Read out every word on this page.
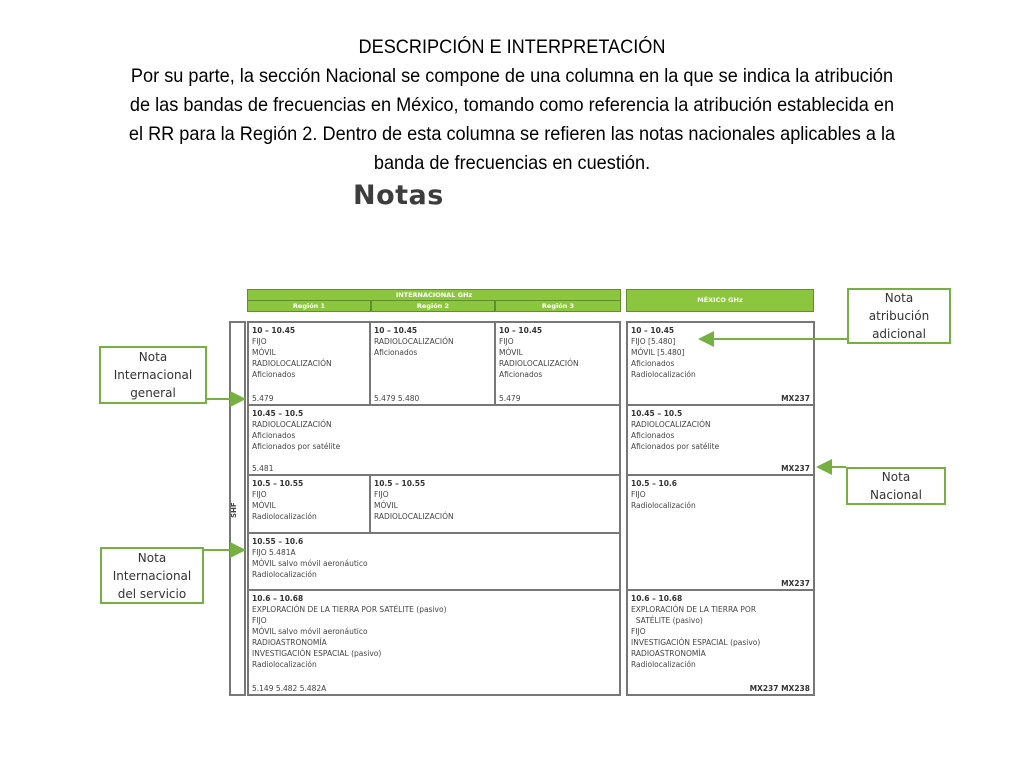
DESCRIPCIÓN E INTERPRETACIÓN
Por su parte, la sección Nacional se compone de una columna en la que se indica la atribución
de las bandas de frecuencias en México, tomando como referencia la atribución establecida en
el RR para la Región 2. Dentro de esta columna se refieren las notas nacionales aplicables a la
banda de frecuencias en cuestión.
Notas
INTERNACIONAL GHz
Región 1	Región 2	Región 3
MÉXICO GHz
SHF
10 – 10.45
FIJO
MÓVIL
RADIOLOCALIZACIÓN
Aficionados
5.479
10 – 10.45
RADIOLOCALIZACIÓN
Aficionados
5.479 5.480
10 – 10.45
FIJO
MÓVIL
RADIOLOCALIZACIÓN
Aficionados
5.479
10.45 – 10.5
RADIOLOCALIZACIÓN
Aficionados
Aficionados por satélite
5.481
10.5 – 10.55
FIJO
MÓVIL
Radiolocalización
10.5 – 10.55
FIJO
MÓVIL
RADIOLOCALIZACIÓN
10.55 – 10.6
FIJO 5.481A
MÓVIL salvo móvil aeronáutico
Radiolocalización
10.6 – 10.68
EXPLORACIÓN DE LA TIERRA POR SATÉLITE (pasivo)
FIJO
MÓVIL salvo móvil aeronáutico
RADIOASTRONOMÍA
INVESTIGACIÓN ESPACIAL (pasivo)
Radiolocalización
5.149 5.482 5.482A
10 – 10.45
FIJO [5.480]
MÓVIL [5.480]
Aficionados
Radiolocalización
MX237
10.45 – 10.5
RADIOLOCALIZACIÓN
Aficionados
Aficionados por satélite
MX237
10.5 – 10.6
FIJO
Radiolocalización
MX237
10.6 – 10.68
EXPLORACIÓN DE LA TIERRA POR
SATÉLITE (pasivo)
FIJO
INVESTIGACIÓN ESPACIAL (pasivo)
RADIOASTRONOMÍA
Radiolocalización
MX237 MX238
Nota
Internacional
general
Nota
atribución
adicional
Nota
Nacional
Nota
Internacional
del servicio
